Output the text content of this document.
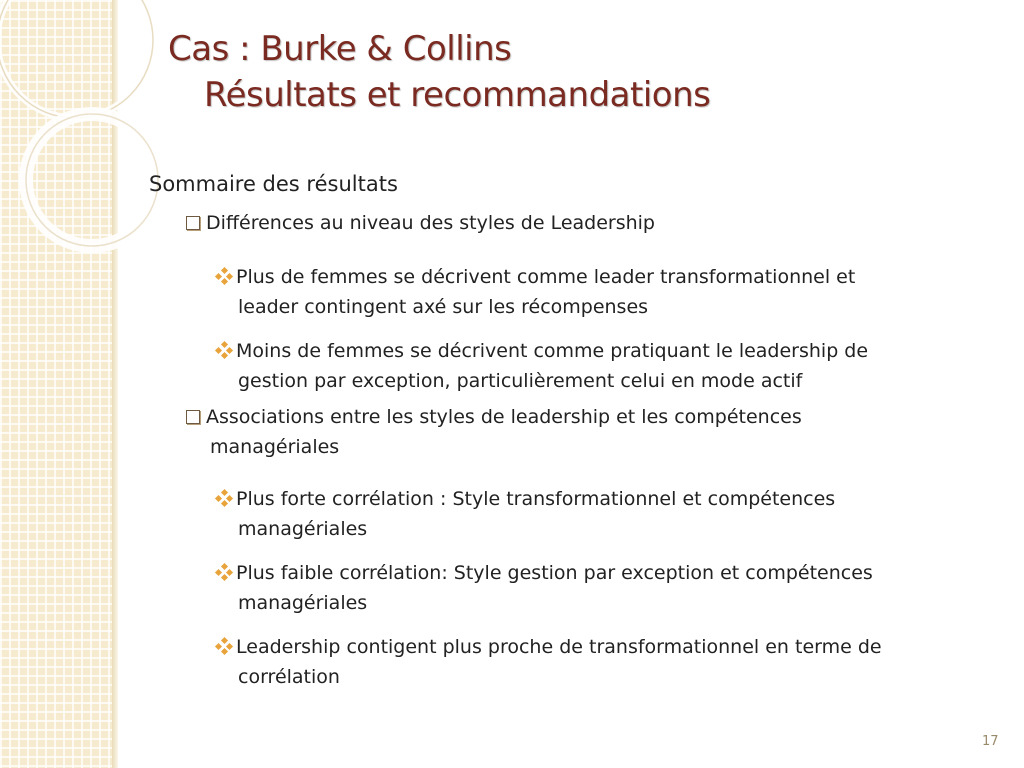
Cas : Burke & Collins
Résultats et recommandations
Sommaire des résultats
Différences au niveau des styles de Leadership
Plus de femmes se décrivent comme leader transformationnel et
leader contingent axé sur les récompenses
Moins de femmes se décrivent comme pratiquant le leadership de
gestion par exception, particulièrement celui en mode actif
Associations entre les styles de leadership et les compétences
managériales
Plus forte corrélation : Style transformationnel et compétences
managériales
Plus faible corrélation: Style gestion par exception et compétences
managériales
Leadership contigent plus proche de transformationnel en terme de
corrélation
17
